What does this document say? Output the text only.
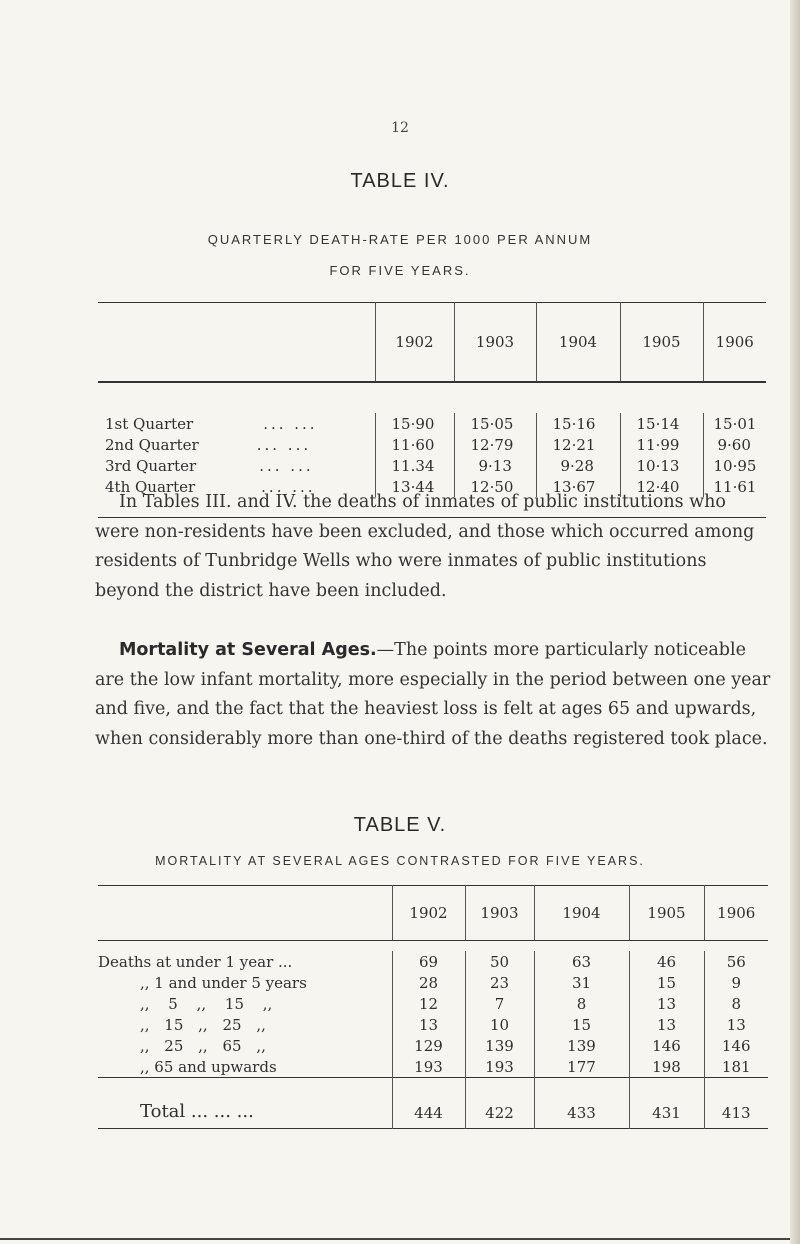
12
TABLE IV.
QUARTERLY DEATH-RATE PER 1000 PER ANNUM
FOR FIVE YEARS.
	1902	1903	1904	1905	1906

1st Quarter ... ...	15·90	15·05	15·16	15·14	15·01
2nd Quarter ... ...	11·60	12·79	12·21	11·99	9·60
3rd Quarter ... ...	11.34	9·13	9·28	10·13	10·95
4th Quarter ... ...	13·44	12·50	13·67	12·40	11·61

In Tables III. and IV. the deaths of inmates of public institutions who were non-residents have been excluded, and those which occurred among residents of Tunbridge Wells who were inmates of public institutions beyond the district have been included.
Mortality at Several Ages.—The points more particularly noticeable are the low infant mortality, more especially in the period between one year and five, and the fact that the heaviest loss is felt at ages 65 and upwards, when considerably more than one-third of the deaths registered took place.
TABLE V.
MORTALITY AT SEVERAL AGES CONTRASTED FOR FIVE YEARS.
	1902	1903	1904	1905	1906

Deaths at under 1 year ...	69	50	63	46	56
,, 1 and under 5 years	28	23	31	15	9
,, 5 ,, 15 ,,	12	7	8	13	8
,, 15 ,, 25 ,,	13	10	15	13	13
,, 25 ,, 65 ,,	129	139	139	146	146
,, 65 and upwards	193	193	177	198	181
Total ... ... ...	444	422	433	431	413
